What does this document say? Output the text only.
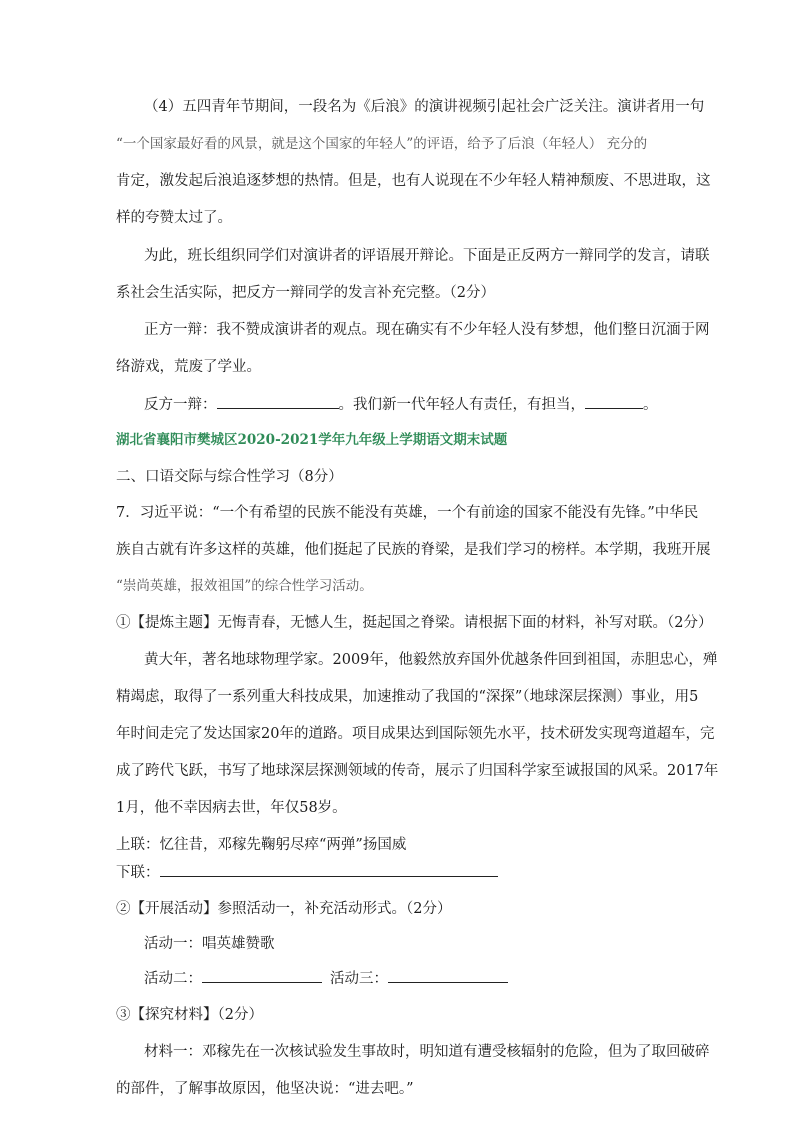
（4）五四青年节期间，一段名为《后浪》的演讲视频引起社会广泛关注。演讲者用一句
“一个国家最好看的风景，就是这个国家的年轻人”的评语，给予了后浪（年轻人） 充分的
肯定，激发起后浪追逐梦想的热情。但是，也有人说现在不少年轻人精神颓废、不思进取，这
样的夸赞太过了。
为此，班长组织同学们对演讲者的评语展开辩论。下面是正反两方一辩同学的发言，请联
系社会生活实际，把反方一辩同学的发言补充完整。（2分）
正方一辩：我不赞成演讲者的观点。现在确实有不少年轻人没有梦想，他们整日沉湎于网
络游戏，荒废了学业。
反方一辩：	。我们新一代年轻人有责任，有担当，	。
湖北省襄阳市樊城区2020-2021学年九年级上学期语文期末试题
二、口语交际与综合性学习（8分）
7．习近平说：“一个有希望的民族不能没有英雄，一个有前途的国家不能没有先锋。”中华民
族自古就有许多这样的英雄，他们挺起了民族的脊梁，是我们学习的榜样。本学期，我班开展
“崇尚英雄，报效祖国”的综合性学习活动。
①【提炼主题】无悔青春，无憾人生，挺起国之脊梁。请根据下面的材料，补写对联。（2分）
黄大年，著名地球物理学家。2009年，他毅然放弃国外优越条件回到祖国，赤胆忠心，殚
精竭虑，取得了一系列重大科技成果，加速推动了我国的“深探”（地球深层探测）事业，用5
年时间走完了发达国家20年的道路。项目成果达到国际领先水平，技术研发实现弯道超车，完
成了跨代飞跃，书写了地球深层探测领域的传奇，展示了归国科学家至诚报国的风采。2017年
1月，他不幸因病去世，年仅58岁。
上联：忆往昔，邓稼先鞠躬尽瘁“两弹”扬国威
下联：
②【开展活动】参照活动一，补充活动形式。（2分）
活动一：唱英雄赞歌
活动二：	活动三：
③【探究材料】（2分）
材料一：邓稼先在一次核试验发生事故时，明知道有遭受核辐射的危险，但为了取回破碎
的部件，了解事故原因，他坚决说：“进去吧。”
